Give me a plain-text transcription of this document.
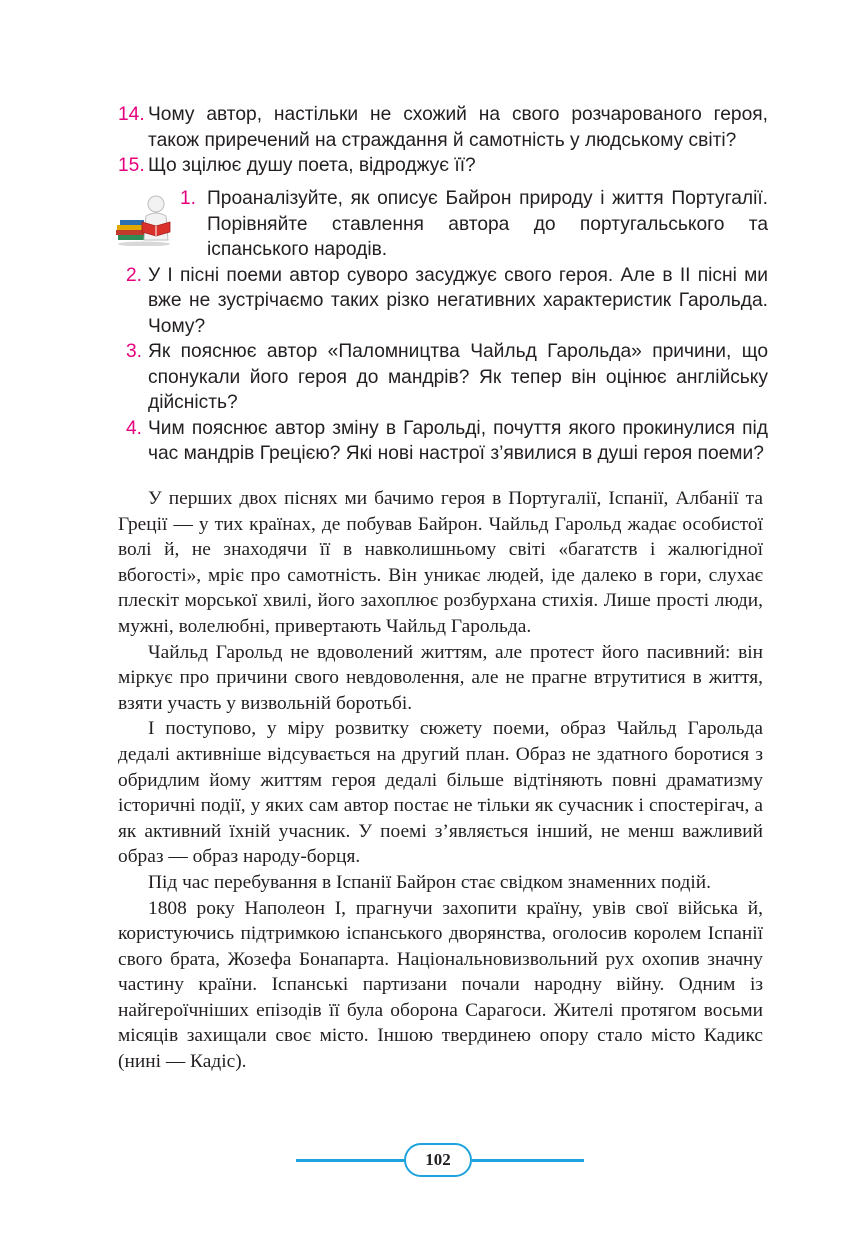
14. Чому автор, настільки не схожий на свого розчарованого героя, також приречений на страждання й самотність у людському світі?
15. Що зцілює душу поета, відроджує її?
1. Проаналізуйте, як описує Байрон природу і життя Португалії. Порівняйте ставлення автора до португальського та іспанського народів.
2. У І пісні поеми автор суворо засуджує свого героя. Але в ІІ пісні ми вже не зустрічаємо таких різко негативних характеристик Гарольда. Чому?
3. Як пояснює автор «Паломництва Чайльд Гарольда» причини, що спонукали його героя до мандрів? Як тепер він оцінює англійську дійсність?
4. Чим пояснює автор зміну в Гарольді, почуття якого прокинулися під час мандрів Грецією? Які нові настрої з’явилися в душі героя поеми?

У перших двох піснях ми бачимо героя в Португалії, Іспанії, Албанії та Греції — у тих країнах, де побував Байрон. Чайльд Гарольд жадає особистої волі й, не знаходячи її в навколишньому світі «багатств і жалюгідної вбогості», мріє про самотність. Він уникає людей, іде далеко в гори, слухає плескіт морської хвилі, його захоплює розбурхана стихія. Лише прості люди, мужні, волелюбні, привертають Чайльд Гарольда.

Чайльд Гарольд не вдоволений життям, але протест його пасивний: він міркує про причини свого невдоволення, але не прагне втрутитися в життя, взяти участь у визвольній боротьбі.

І поступово, у міру розвитку сюжету поеми, образ Чайльд Гарольда дедалі активніше відсувається на другий план. Образ не здатного боротися з обридлим йому життям героя дедалі більше відтіняють повні драматизму історичні події, у яких сам автор постає не тільки як сучасник і спостерігач, а як активний їхній учасник. У поемі з’являється інший, не менш важливий образ — образ народу-борця.

Під час перебування в Іспанії Байрон стає свідком знаменних подій.

1808 року Наполеон І, прагнучи захопити країну, увів свої війська й, користуючись підтримкою іспанського дворянства, оголосив королем Іспанії свого брата, Жозефа Бонапарта. Національновизвольний рух охопив значну частину країни. Іспанські партизани почали народну війну. Одним із найгероїчніших епізодів її була оборона Сарагоси. Жителі протягом восьми місяців захищали своє місто. Іншою твердинею опору стало місто Кадикс (нині — Кадіс).

102
